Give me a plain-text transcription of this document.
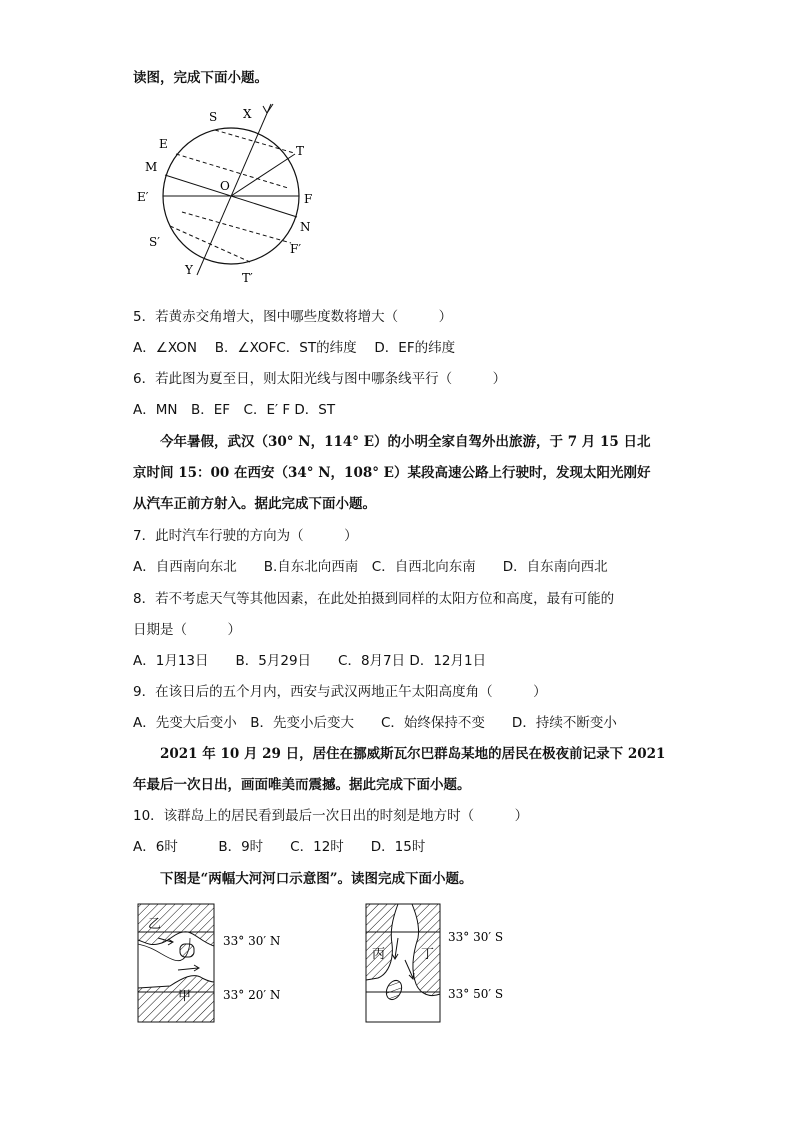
读图，完成下面小题。
S X
E	T
M
O
E′	F
N
S′	F′
Y
T′
5．若黄赤交角增大，图中哪些度数将增大（　　　）
A．∠XON　 B．∠XOFC．ST的纬度　 D．EF的纬度
6．若此图为夏至日，则太阳光线与图中哪条线平行（　　　）
A．MN　B．EF　C．E′ F D．ST
今年暑假，武汉（30° N，114° E）的小明全家自驾外出旅游，于 7 月 15 日北
京时间 15：00 在西安（34° N，108° E）某段高速公路上行驶时，发现太阳光刚好
从汽车正前方射入。据此完成下面小题。
7．此时汽车行驶的方向为（　　　）
A．自西南向东北　　B.自东北向西南　C．自西北向东南　　D．自东南向西北
8．若不考虑天气等其他因素，在此处拍摄到同样的太阳方位和高度，最有可能的
日期是（　　　）
A．1月13日　　B．5月29日　　C．8月7日 D．12月1日
9．在该日后的五个月内，西安与武汉两地正午太阳高度角（　　　）
A．先变大后变小　B．先变小后变大　　C．始终保持不变　　D．持续不断变小
2021 年 10 月 29 日，居住在挪威斯瓦尔巴群岛某地的居民在极夜前记录下 2021
年最后一次日出，画面唯美而震撼。据此完成下面小题。
10．该群岛上的居民看到最后一次日出的时刻是地方时（　　　）
A．6时　　　B．9时　　C．12时　　D．15时
下图是“两幅大河河口示意图”。读图完成下面小题。
乙
甲
33° 30′ N
33° 20′ N
丙	丁
33° 30′ S
33° 50′ S
